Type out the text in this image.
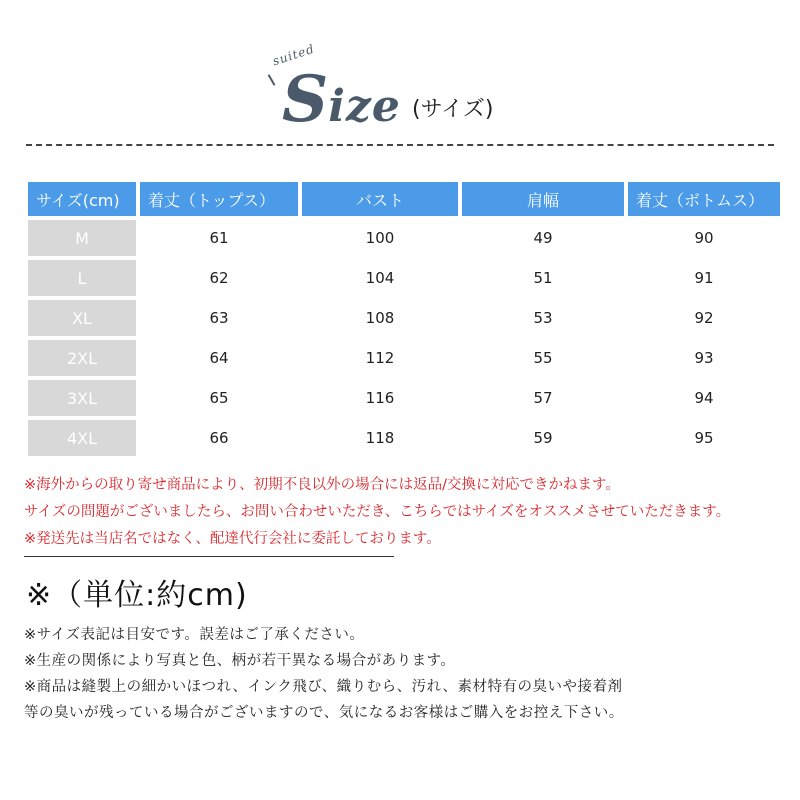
suited
Size (サイズ)
サイズ(cm)	着丈（トップス）	バスト	肩幅	着丈（ボトムス）
M	61	100	49	90
L	62	104	51	91
XL	63	108	53	92
2XL	64	112	55	93
3XL	65	116	57	94
4XL	66	118	59	95
※海外からの取り寄せ商品により、初期不良以外の場合には返品/交換に対応できかねます。
サイズの問題がございましたら、お問い合わせいただき、こちらではサイズをオススメさせていただきます。
※発送先は当店名ではなく、配達代行会社に委託しております。
※（単位:約cm)
※サイズ表記は目安です。誤差はご了承ください。
※生産の関係により写真と色、柄が若干異なる場合があります。
※商品は縫製上の細かいほつれ、インク飛び、織りむら、汚れ、素材特有の臭いや接着剤
等の臭いが残っている場合がございますので、気になるお客様はご購入をお控え下さい。
